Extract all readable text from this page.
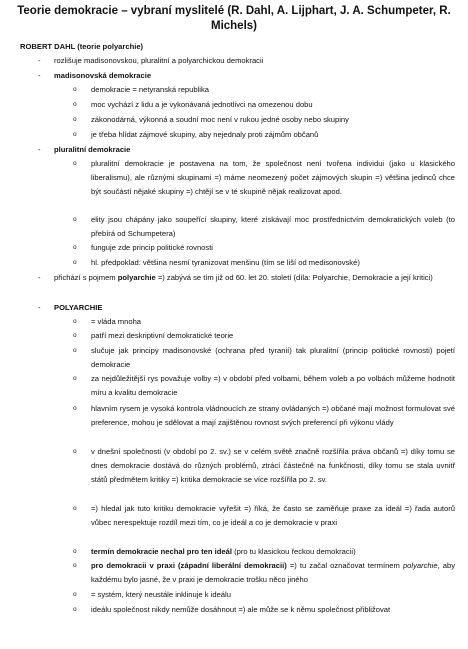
Teorie demokracie – vybraní myslitelé (R. Dahl, A. Lijphart, J. A. Schumpeter, R. Michels)
ROBERT DAHL (teorie polyarchie)
-	rozlišuje madisonovskou, pluralitní a polyarchickou demokracii
-	madisonovská demokracie
o	demokracie = netyranská republika
o	moc vychází z lidu a je vykonávaná jednotlivci na omezenou dobu
o	zákonodárná, výkonná a soudní moc není v rukou jedné osoby nebo skupiny
o	je třeba hlídat zájmové skupiny, aby nejednaly proti zájmům občanů
-	pluralitní demokracie
o	pluralitní demokracie je postavena na tom, že společnost není tvořena individui (jako u klasického liberalismu), ale různými skupinami =) máme neomezený počet zájmových skupin =) většina jedinců chce být součástí nějaké skupiny =) chtějí se v té skupině nějak realizovat apod.
o	elity jsou chápány jako soupeřící skupiny, které získávají moc prostřednictvím demokratických voleb (to přebírá od Schumpetera)
o	funguje zde princip politické rovnosti
o	hl. předpoklad: většina nesmí tyranizovat menšinu (tím se liší od medisonovské)
-	přichází s pojmem polyarchie =) zabývá se tím již od 60. let 20. století (díla: Polyarchie, Demokracie a její kritici)
-	POLYARCHIE
o	= vláda mnoha
o	patří mezi deskriptivní demokratické teorie
o	slučuje jak principy madisonovské (ochrana před tyranií) tak pluralitní (princip politické rovnosti) pojetí demokracie
o	za nejdůležitější rys považuje volby =) v období před volbami, během voleb a po volbách můžeme hodnotit míru a kvalitu demokracie
o	hlavním rysem je vysoká kontrola vládnoucích ze strany ovládaných =) občané mají možnost formulovat své preference, mohou je sdělovat a mají zajištěnou rovnost svých preferencí při výkonu vlády
o	v dnešní společnosti (v období po 2. sv.) se v celém světě značně rozšířila práva občanů =) díky tomu se dnes demokracie dostává do různých problémů, ztrácí částečně na funkčnosti, díky tomu se stala uvnitř států předmětem kritiky =) kritika demokracie se více rozšířila po 2. sv.
o	=) hledal jak tuto kritiku demokracie vyřešit =) říká, že často se zaměňuje praxe za ideál =) řada autorů vůbec nerespektuje rozdíl mezi tím, co je ideál a co je demokracie v praxi
o	termín demokracie nechal pro ten ideál (pro tu klasickou řeckou demokracii)
o	pro demokracii v praxi (západní liberální demokracii) =) tu začal označovat termínem polyarchie, aby každému bylo jasné, že v praxi je demokracie trošku něco jiného
o	= systém, který neustále inklinuje k ideálu
o	ideálu společnost nikdy nemůže dosáhnout =) ale může se k němu společnost přibližovat
